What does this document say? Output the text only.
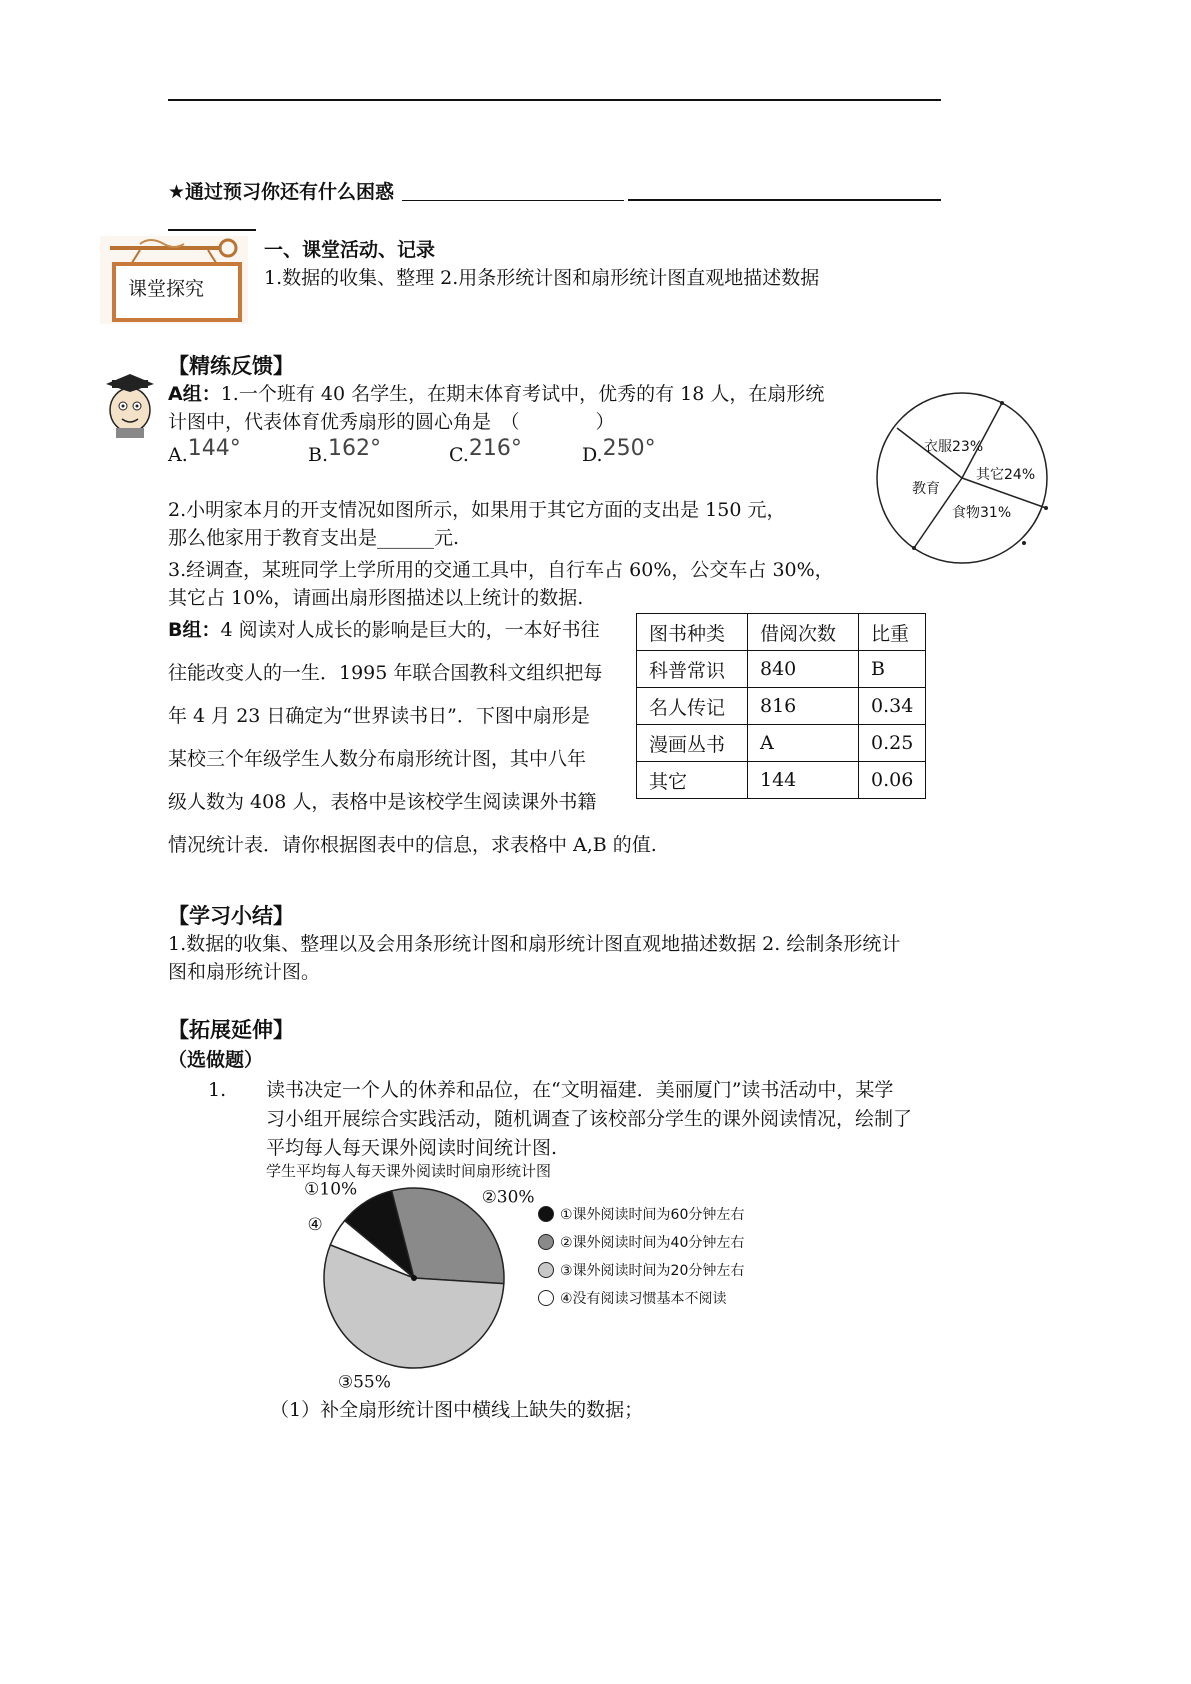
★通过预习你还有什么困惑
课堂探究
一、课堂活动、记录
1.数据的收集、整理 2.用条形统计图和扇形统计图直观地描述数据
【精练反馈】
A组：1.一个班有 40 名学生，在期末体育考试中，优秀的有 18 人，在扇形统
计图中，代表体育优秀扇形的圆心角是　（　　　　）
A.144°	B.162°	C.216°	D.250°
2.小明家本月的开支情况如图所示，如果用于其它方面的支出是 150 元，
那么他家用于教育支出是______元.
3.经调查，某班同学上学所用的交通工具中，自行车占 60%，公交车占 30%，
其它占 10%，请画出扇形图描述以上统计的数据.
衣服23%
其它24%
教育
食物31%
B组：4 阅读对人成长的影响是巨大的，一本好书往
往能改变人的一生．1995 年联合国教科文组织把每
年 4 月 23 日确定为“世界读书日”．下图中扇形是
某校三个年级学生人数分布扇形统计图，其中八年
级人数为 408 人，表格中是该校学生阅读课外书籍
情况统计表．请你根据图表中的信息，求表格中 A,B 的值.
图书种类	借阅次数	比重
科普常识	840	B
名人传记	816	0.34
漫画丛书	A	0.25
其它	144	0.06
【学习小结】
1.数据的收集、整理以及会用条形统计图和扇形统计图直观地描述数据 2. 绘制条形统计
图和扇形统计图。
【拓展延伸】
（选做题）
1. 读书决定一个人的休养和品位，在“文明福建．美丽厦门”读书活动中，某学
习小组开展综合实践活动，随机调查了该校部分学生的课外阅读情况，绘制了
平均每人每天课外阅读时间统计图.
学生平均每人每天课外阅读时间扇形统计图
①10%	②30%
③55%
④
①课外阅读时间为60分钟左右
②课外阅读时间为40分钟左右
③课外阅读时间为20分钟左右
④没有阅读习惯基本不阅读
（1）补全扇形统计图中横线上缺失的数据；
